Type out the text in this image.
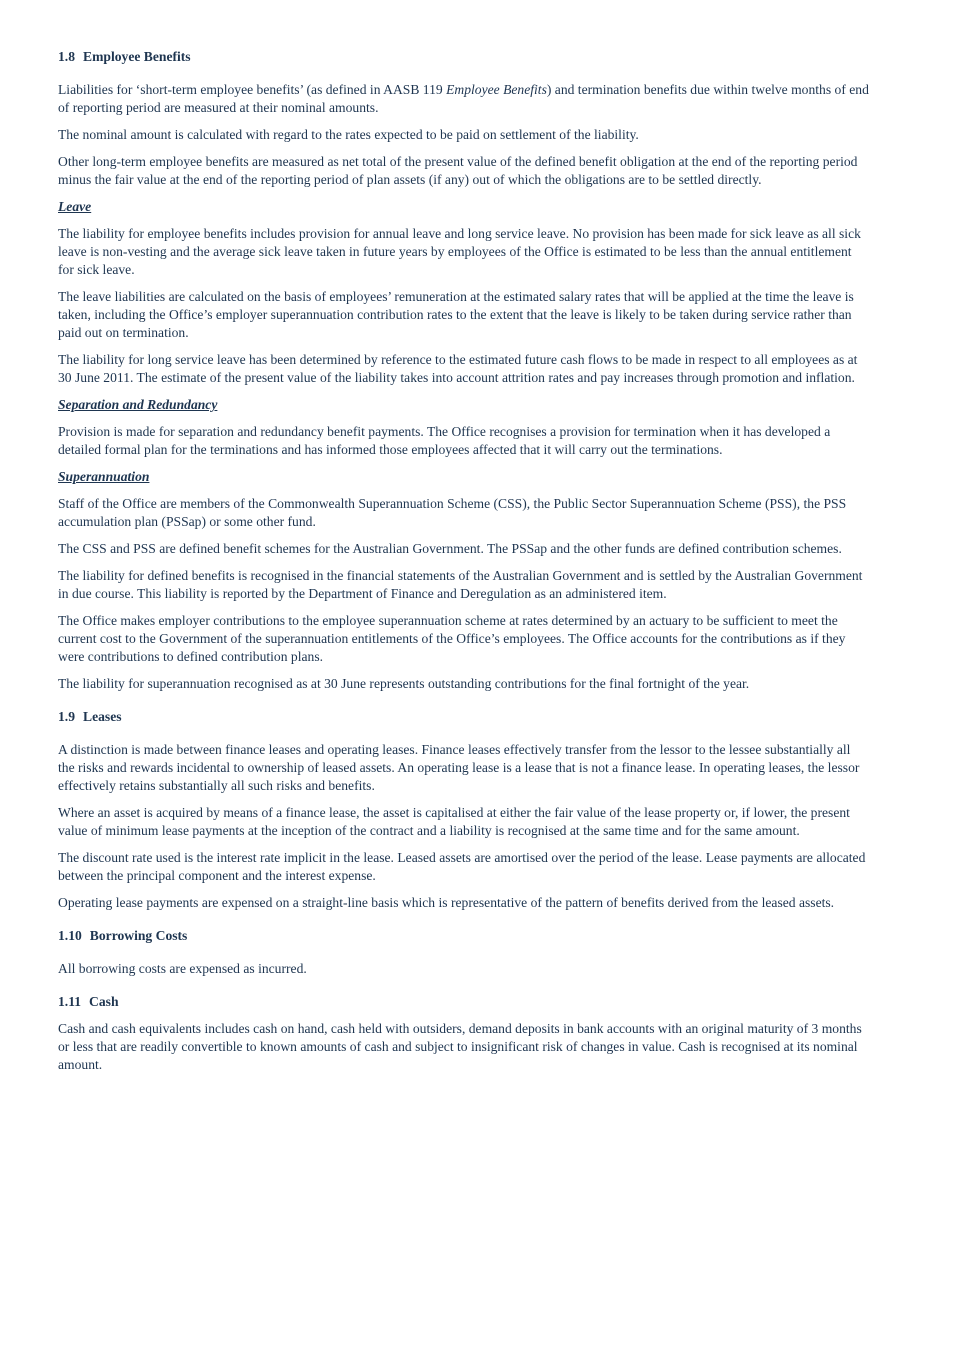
1.8 Employee Benefits

Liabilities for ‘short-term employee benefits’ (as defined in AASB 119 Employee Benefits) and termination benefits due within twelve months of end of reporting period are measured at their nominal amounts.

The nominal amount is calculated with regard to the rates expected to be paid on settlement of the liability.

Other long-term employee benefits are measured as net total of the present value of the defined benefit obligation at the end of the reporting period minus the fair value at the end of the reporting period of plan assets (if any) out of which the obligations are to be settled directly.

Leave

The liability for employee benefits includes provision for annual leave and long service leave. No provision has been made for sick leave as all sick leave is non-vesting and the average sick leave taken in future years by employees of the Office is estimated to be less than the annual entitlement for sick leave.

The leave liabilities are calculated on the basis of employees’ remuneration at the estimated salary rates that will be applied at the time the leave is taken, including the Office’s employer superannuation contribution rates to the extent that the leave is likely to be taken during service rather than paid out on termination.

The liability for long service leave has been determined by reference to the estimated future cash flows to be made in respect to all employees as at 30 June 2011. The estimate of the present value of the liability takes into account attrition rates and pay increases through promotion and inflation.

Separation and Redundancy

Provision is made for separation and redundancy benefit payments. The Office recognises a provision for termination when it has developed a detailed formal plan for the terminations and has informed those employees affected that it will carry out the terminations.

Superannuation

Staff of the Office are members of the Commonwealth Superannuation Scheme (CSS), the Public Sector Superannuation Scheme (PSS), the PSS accumulation plan (PSSap) or some other fund.

The CSS and PSS are defined benefit schemes for the Australian Government. The PSSap and the other funds are defined contribution schemes.

The liability for defined benefits is recognised in the financial statements of the Australian Government and is settled by the Australian Government in due course. This liability is reported by the Department of Finance and Deregulation as an administered item.

The Office makes employer contributions to the employee superannuation scheme at rates determined by an actuary to be sufficient to meet the current cost to the Government of the superannuation entitlements of the Office’s employees. The Office accounts for the contributions as if they were contributions to defined contribution plans.

The liability for superannuation recognised as at 30 June represents outstanding contributions for the final fortnight of the year.

1.9 Leases

A distinction is made between finance leases and operating leases. Finance leases effectively transfer from the lessor to the lessee substantially all the risks and rewards incidental to ownership of leased assets. An operating lease is a lease that is not a finance lease. In operating leases, the lessor effectively retains substantially all such risks and benefits.

Where an asset is acquired by means of a finance lease, the asset is capitalised at either the fair value of the lease property or, if lower, the present value of minimum lease payments at the inception of the contract and a liability is recognised at the same time and for the same amount.

The discount rate used is the interest rate implicit in the lease. Leased assets are amortised over the period of the lease. Lease payments are allocated between the principal component and the interest expense.

Operating lease payments are expensed on a straight-line basis which is representative of the pattern of benefits derived from the leased assets.

1.10 Borrowing Costs

All borrowing costs are expensed as incurred.

1.11 Cash

Cash and cash equivalents includes cash on hand, cash held with outsiders, demand deposits in bank accounts with an original maturity of 3 months or less that are readily convertible to known amounts of cash and subject to insignificant risk of changes in value. Cash is recognised at its nominal amount.
